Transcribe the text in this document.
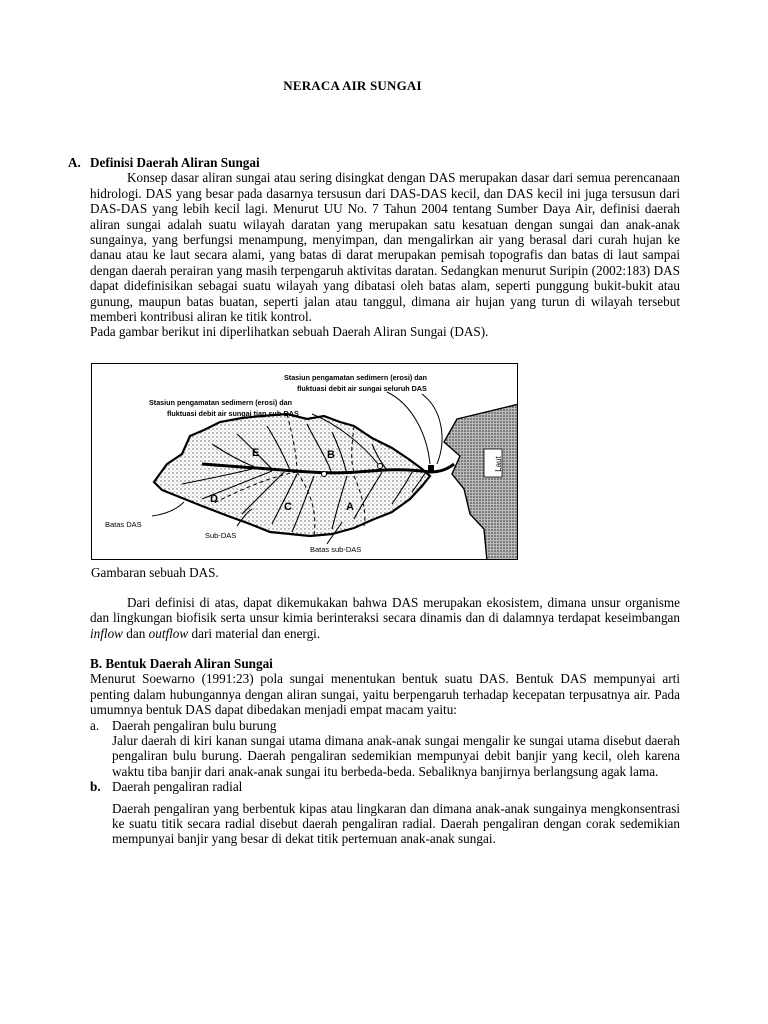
NERACA AIR SUNGAI
A. Definisi Daerah Aliran Sungai
Konsep dasar aliran sungai atau sering disingkat dengan DAS merupakan dasar dari semua perencanaan hidrologi. DAS yang besar pada dasarnya tersusun dari DAS-DAS kecil, dan DAS kecil ini juga tersusun dari DAS-DAS yang lebih kecil lagi. Menurut UU No. 7 Tahun 2004 tentang Sumber Daya Air, definisi daerah aliran sungai adalah suatu wilayah daratan yang merupakan satu kesatuan dengan sungai dan anak-anak sungainya, yang berfungsi menampung, menyimpan, dan mengalirkan air yang berasal dari curah hujan ke danau atau ke laut secara alami, yang batas di darat merupakan pemisah topografis dan batas di laut sampai dengan daerah perairan yang masih terpengaruh aktivitas daratan. Sedangkan menurut Suripin (2002:183) DAS dapat didefinisikan sebagai suatu wilayah yang dibatasi oleh batas alam, seperti punggung bukit-bukit atau gunung, maupun batas buatan, seperti jalan atau tanggul, dimana air hujan yang turun di wilayah tersebut memberi kontribusi aliran ke titik kontrol.
Pada gambar berikut ini diperlihatkan sebuah Daerah Aliran Sungai (DAS).
Laut
Stasiun pengamatan sedimern (erosi) dan
fluktuasi debit air sungai seluruh DAS
Stasiun pengamatan sedimern (erosi) dan
fluktuasi debit air sungai tiap sub-DAS
Batas DAS
Sub-DAS
Batas sub-DAS
E	B
D
C	A
Gambaran sebuah DAS.
Dari definisi di atas, dapat dikemukakan bahwa DAS merupakan ekosistem, dimana unsur organisme dan lingkungan biofisik serta unsur kimia berinteraksi secara dinamis dan di dalamnya terdapat keseimbangan inflow dan outflow dari material dan energi.
B. Bentuk Daerah Aliran Sungai
Menurut Soewarno (1991:23) pola sungai menentukan bentuk suatu DAS. Bentuk DAS mempunyai arti penting dalam hubungannya dengan aliran sungai, yaitu berpengaruh terhadap kecepatan terpusatnya air. Pada umumnya bentuk DAS dapat dibedakan menjadi empat macam yaitu:
a. Daerah pengaliran bulu burung
Jalur daerah di kiri kanan sungai utama dimana anak-anak sungai mengalir ke sungai utama disebut daerah pengaliran bulu burung. Daerah pengaliran sedemikian mempunyai debit banjir yang kecil, oleh karena waktu tiba banjir dari anak-anak sungai itu berbeda-beda. Sebaliknya banjirnya berlangsung agak lama.
b. Daerah pengaliran radial
Daerah pengaliran yang berbentuk kipas atau lingkaran dan dimana anak-anak sungainya mengkonsentrasi ke suatu titik secara radial disebut daerah pengaliran radial. Daerah pengaliran dengan corak sedemikian mempunyai banjir yang besar di dekat titik pertemuan anak-anak sungai.
